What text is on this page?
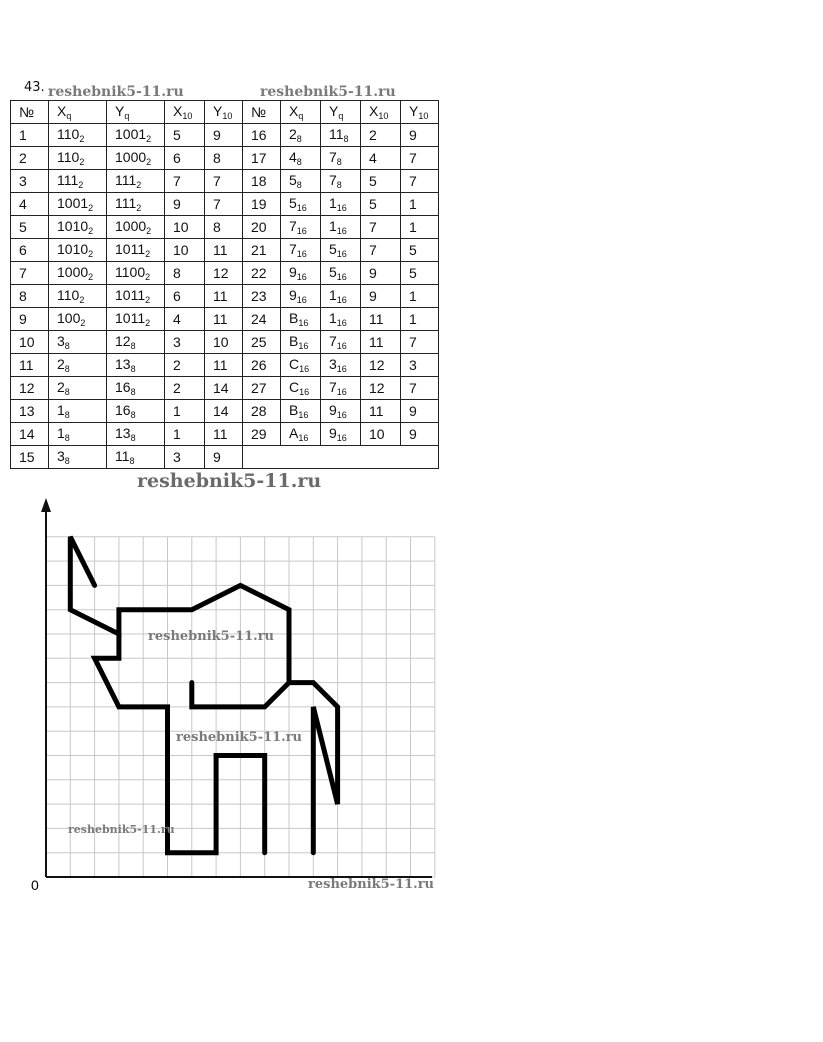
43. reshebnik5-11.ru	reshebnik5-11.ru
№	$X_q$	$Y_q$	$X_{10}$	$Y_{10}$	№	$X_q$	$Y_q$	$X_{10}$	$Y_{10}$
1	$110_2$	$1001_2$	5	9	16	$2_8$	$11_8$	2	9
2	$110_2$	$1000_2$	6	8	17	$4_8$	$7_8$	4	7
3	$111_2$	$111_2$	7	7	18	$5_8$	$7_8$	5	7
4	$1001_2$	$111_2$	9	7	19	$5_{16}$	$1_{16}$	5	1
5	$1010_2$	$1000_2$	10	8	20	$7_{16}$	$1_{16}$	7	1
6	$1010_2$	$1011_2$	10	11	21	$7_{16}$	$5_{16}$	7	5
7	$1000_2$	$1100_2$	8	12	22	$9_{16}$	$5_{16}$	9	5
8	$110_2$	$1011_2$	6	11	23	$9_{16}$	$1_{16}$	9	1
9	$100_2$	$1011_2$	4	11	24	$B_{16}$	$1_{16}$	11	1
10	$3_8$	$12_8$	3	10	25	$B_{16}$	$7_{16}$	11	7
11	$2_8$	$13_8$	2	11	26	$C_{16}$	$3_{16}$	12	3
12	$2_8$	$16_8$	2	14	27	$C_{16}$	$7_{16}$	12	7
13	$1_8$	$16_8$	1	14	28	$B_{16}$	$9_{16}$	11	9
14	$1_8$	$13_8$	1	11	29	$A_{16}$	$9_{16}$	10	9
15	$3_8$	$11_8$	3	9					
reshebnik5-11.ru
0
reshebnik5-11.ru
reshebnik5-11.ru
reshebnik5-11.ru
reshebnik5-11.ru
